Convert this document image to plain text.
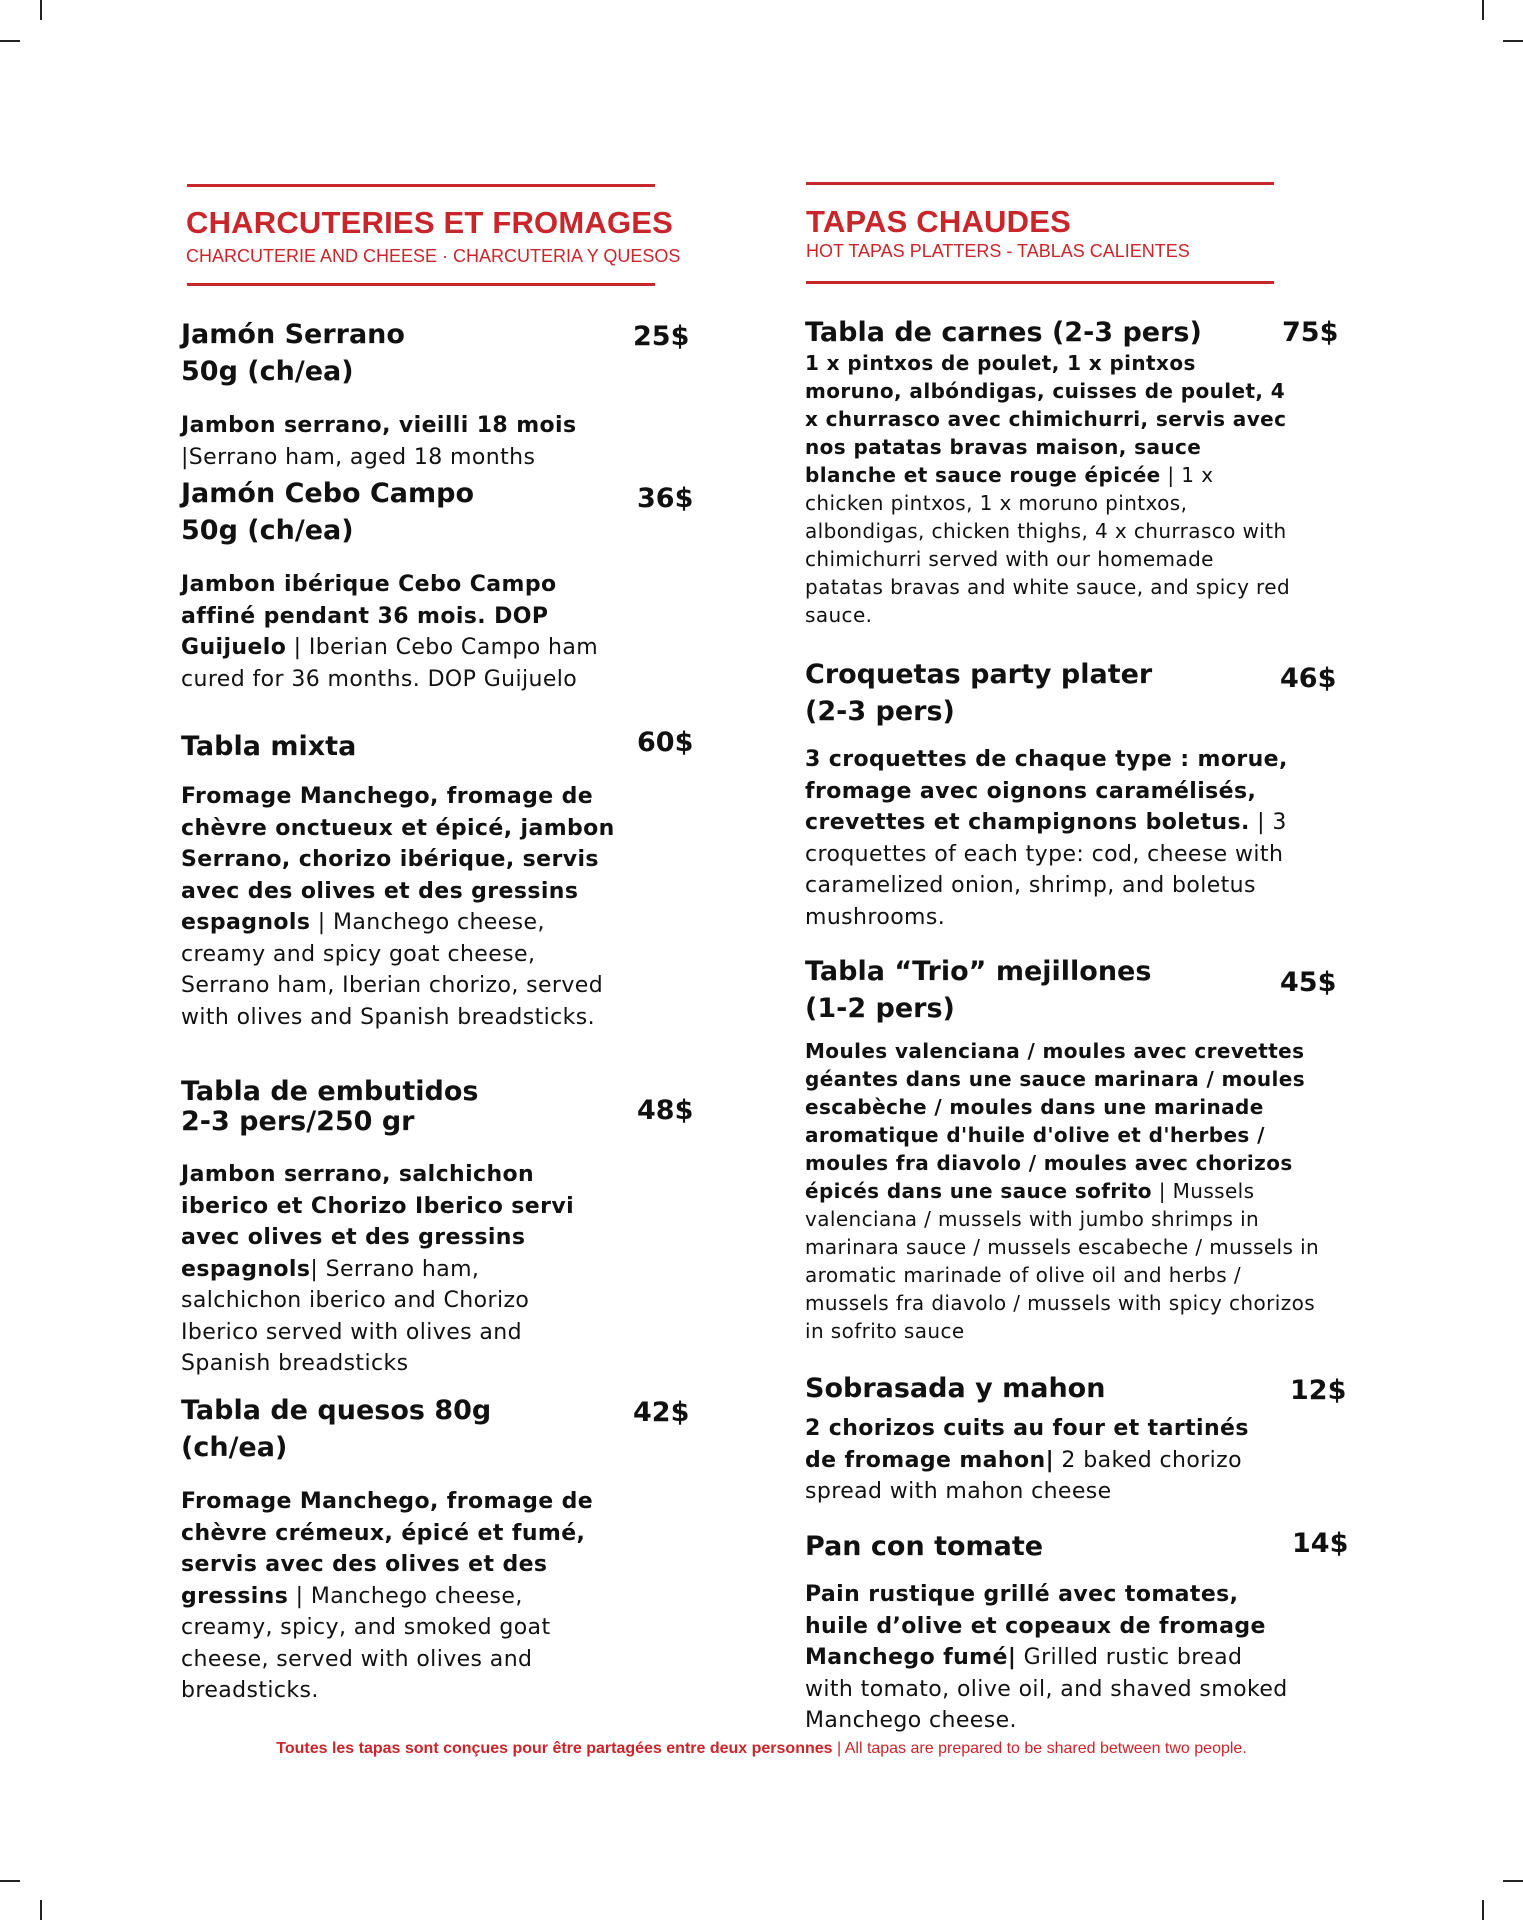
CHARCUTERIES ET FROMAGES
CHARCUTERIE AND CHEESE · CHARCUTERIA Y QUESOS
TAPAS CHAUDES
HOT TAPAS PLATTERS - TABLAS CALIENTES
Jamón Serrano
50g (ch/ea)

Jambon serrano, vieilli 18 mois
|Serrano ham, aged 18 months

25$
Jamón Cebo Campo
50g (ch/ea)

Jambon ibérique Cebo Campo affiné pendant 36 mois. DOP Guijuelo | Iberian Cebo Campo ham cured for 36 months. DOP Guijuelo

36$
Tabla mixta

Fromage Manchego, fromage de chèvre onctueux et épicé, jambon Serrano, chorizo ibérique, servis avec des olives et des gressins espagnols | Manchego cheese, creamy and spicy goat cheese, Serrano ham, Iberian chorizo, served with olives and Spanish breadsticks.

60$
Tabla de embutidos
2-3 pers/250 gr

Jambon serrano, salchichon iberico et Chorizo Iberico servi avec olives et des gressins espagnols| Serrano ham, salchichon iberico and Chorizo Iberico served with olives and Spanish breadsticks

48$
Tabla de quesos 80g
(ch/ea)

Fromage Manchego, fromage de chèvre crémeux, épicé et fumé, servis avec des olives et des gressins | Manchego cheese, creamy, spicy, and smoked goat cheese, served with olives and breadsticks.

42$
Tabla de carnes (2-3 pers)

1 x pintxos de poulet, 1 x pintxos moruno, albóndigas, cuisses de poulet, 4 x churrasco avec chimichurri, servis avec nos patatas bravas maison, sauce blanche et sauce rouge épicée | 1 x chicken pintxos, 1 x moruno pintxos, albondigas, chicken thighs, 4 x churrasco with chimichurri served with our homemade patatas bravas and white sauce, and spicy red sauce.

75$
Croquetas party plater
(2-3 pers)

3 croquettes de chaque type : morue, fromage avec oignons caramélisés, crevettes et champignons boletus. | 3 croquettes of each type: cod, cheese with caramelized onion, shrimp, and boletus mushrooms.

46$
Tabla “Trio” mejillones
(1-2 pers)

Moules valenciana / moules avec crevettes géantes dans une sauce marinara / moules escabèche / moules dans une marinade aromatique d'huile d'olive et d'herbes / moules fra diavolo / moules avec chorizos épicés dans une sauce sofrito | Mussels valenciana / mussels with jumbo shrimps in marinara sauce / mussels escabeche / mussels in aromatic marinade of olive oil and herbs / mussels fra diavolo / mussels with spicy chorizos in sofrito sauce

45$
Sobrasada y mahon

2 chorizos cuits au four et tartinés de fromage mahon| 2 baked chorizo spread with mahon cheese

12$
Pan con tomate

Pain rustique grillé avec tomates, huile d’olive et copeaux de fromage Manchego fumé| Grilled rustic bread with tomato, olive oil, and shaved smoked Manchego cheese.

14$
Toutes les tapas sont conçues pour être partagées entre deux personnes | All tapas are prepared to be shared between two people.
